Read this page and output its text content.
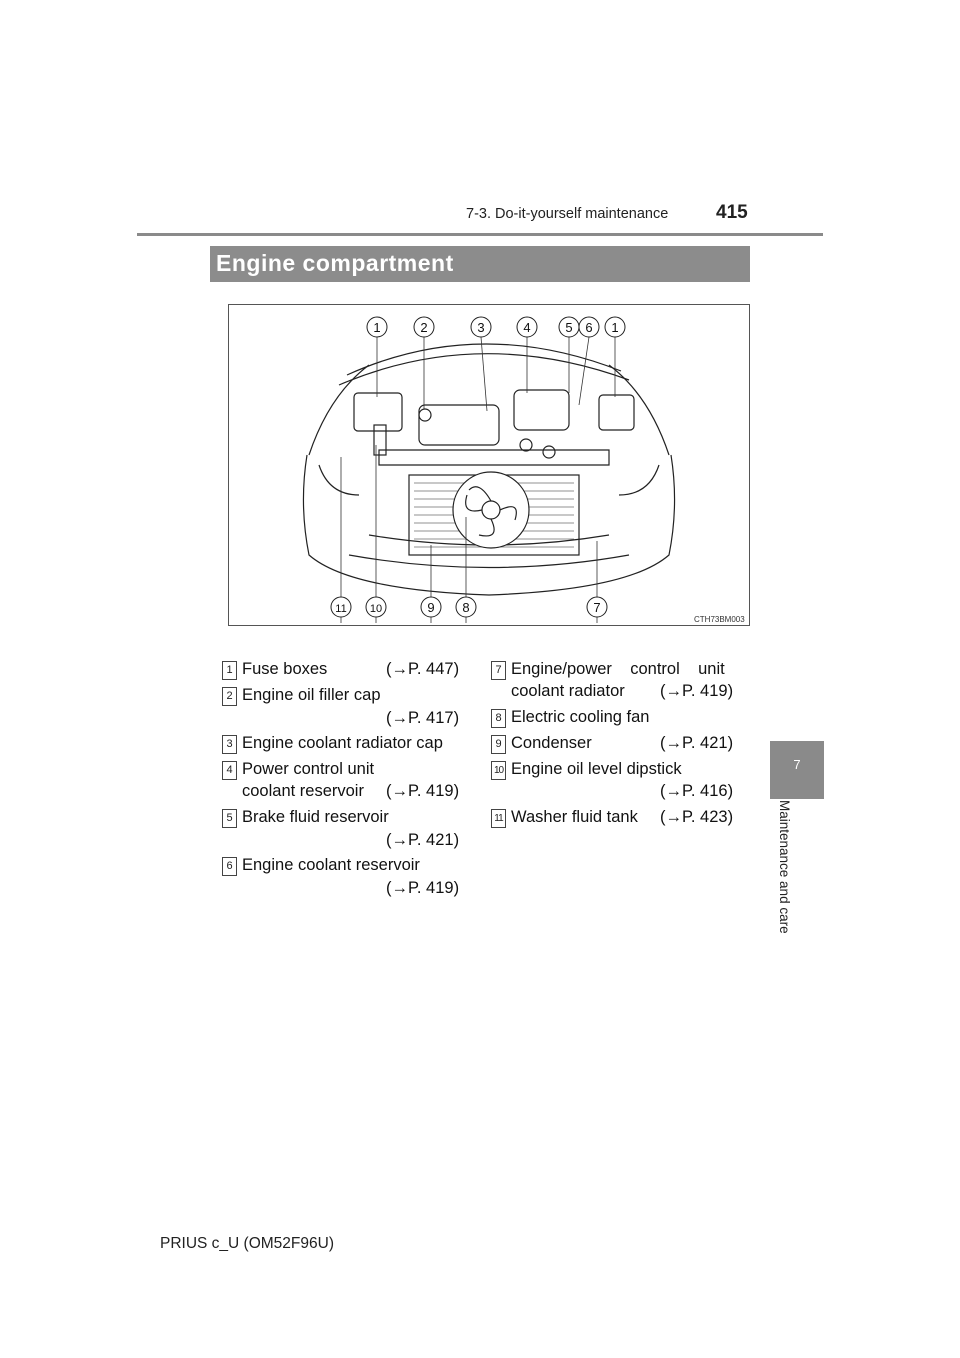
7-3. Do-it-yourself maintenance	415
Engine compartment
7
Maintenance and care
1	2	3	4	5 6 1
11 10	9 8	7
CTH73BM003
1 Fuse boxes	(→P. 447)
2 Engine oil filler cap
(→P. 417)
3 Engine coolant radiator cap
4 Power control unit
coolant reservoir (→P. 419)
5 Brake fluid reservoir
(→P. 421)
6 Engine coolant reservoir
(→P. 419)
7 Engine/power    control    unit
coolant radiator (→P. 419)
8 Electric cooling fan
9 Condenser	(→P. 421)
10 Engine oil level dipstick
(→P. 416)
11 Washer fluid tank (→P. 423)
PRIUS c_U (OM52F96U)
